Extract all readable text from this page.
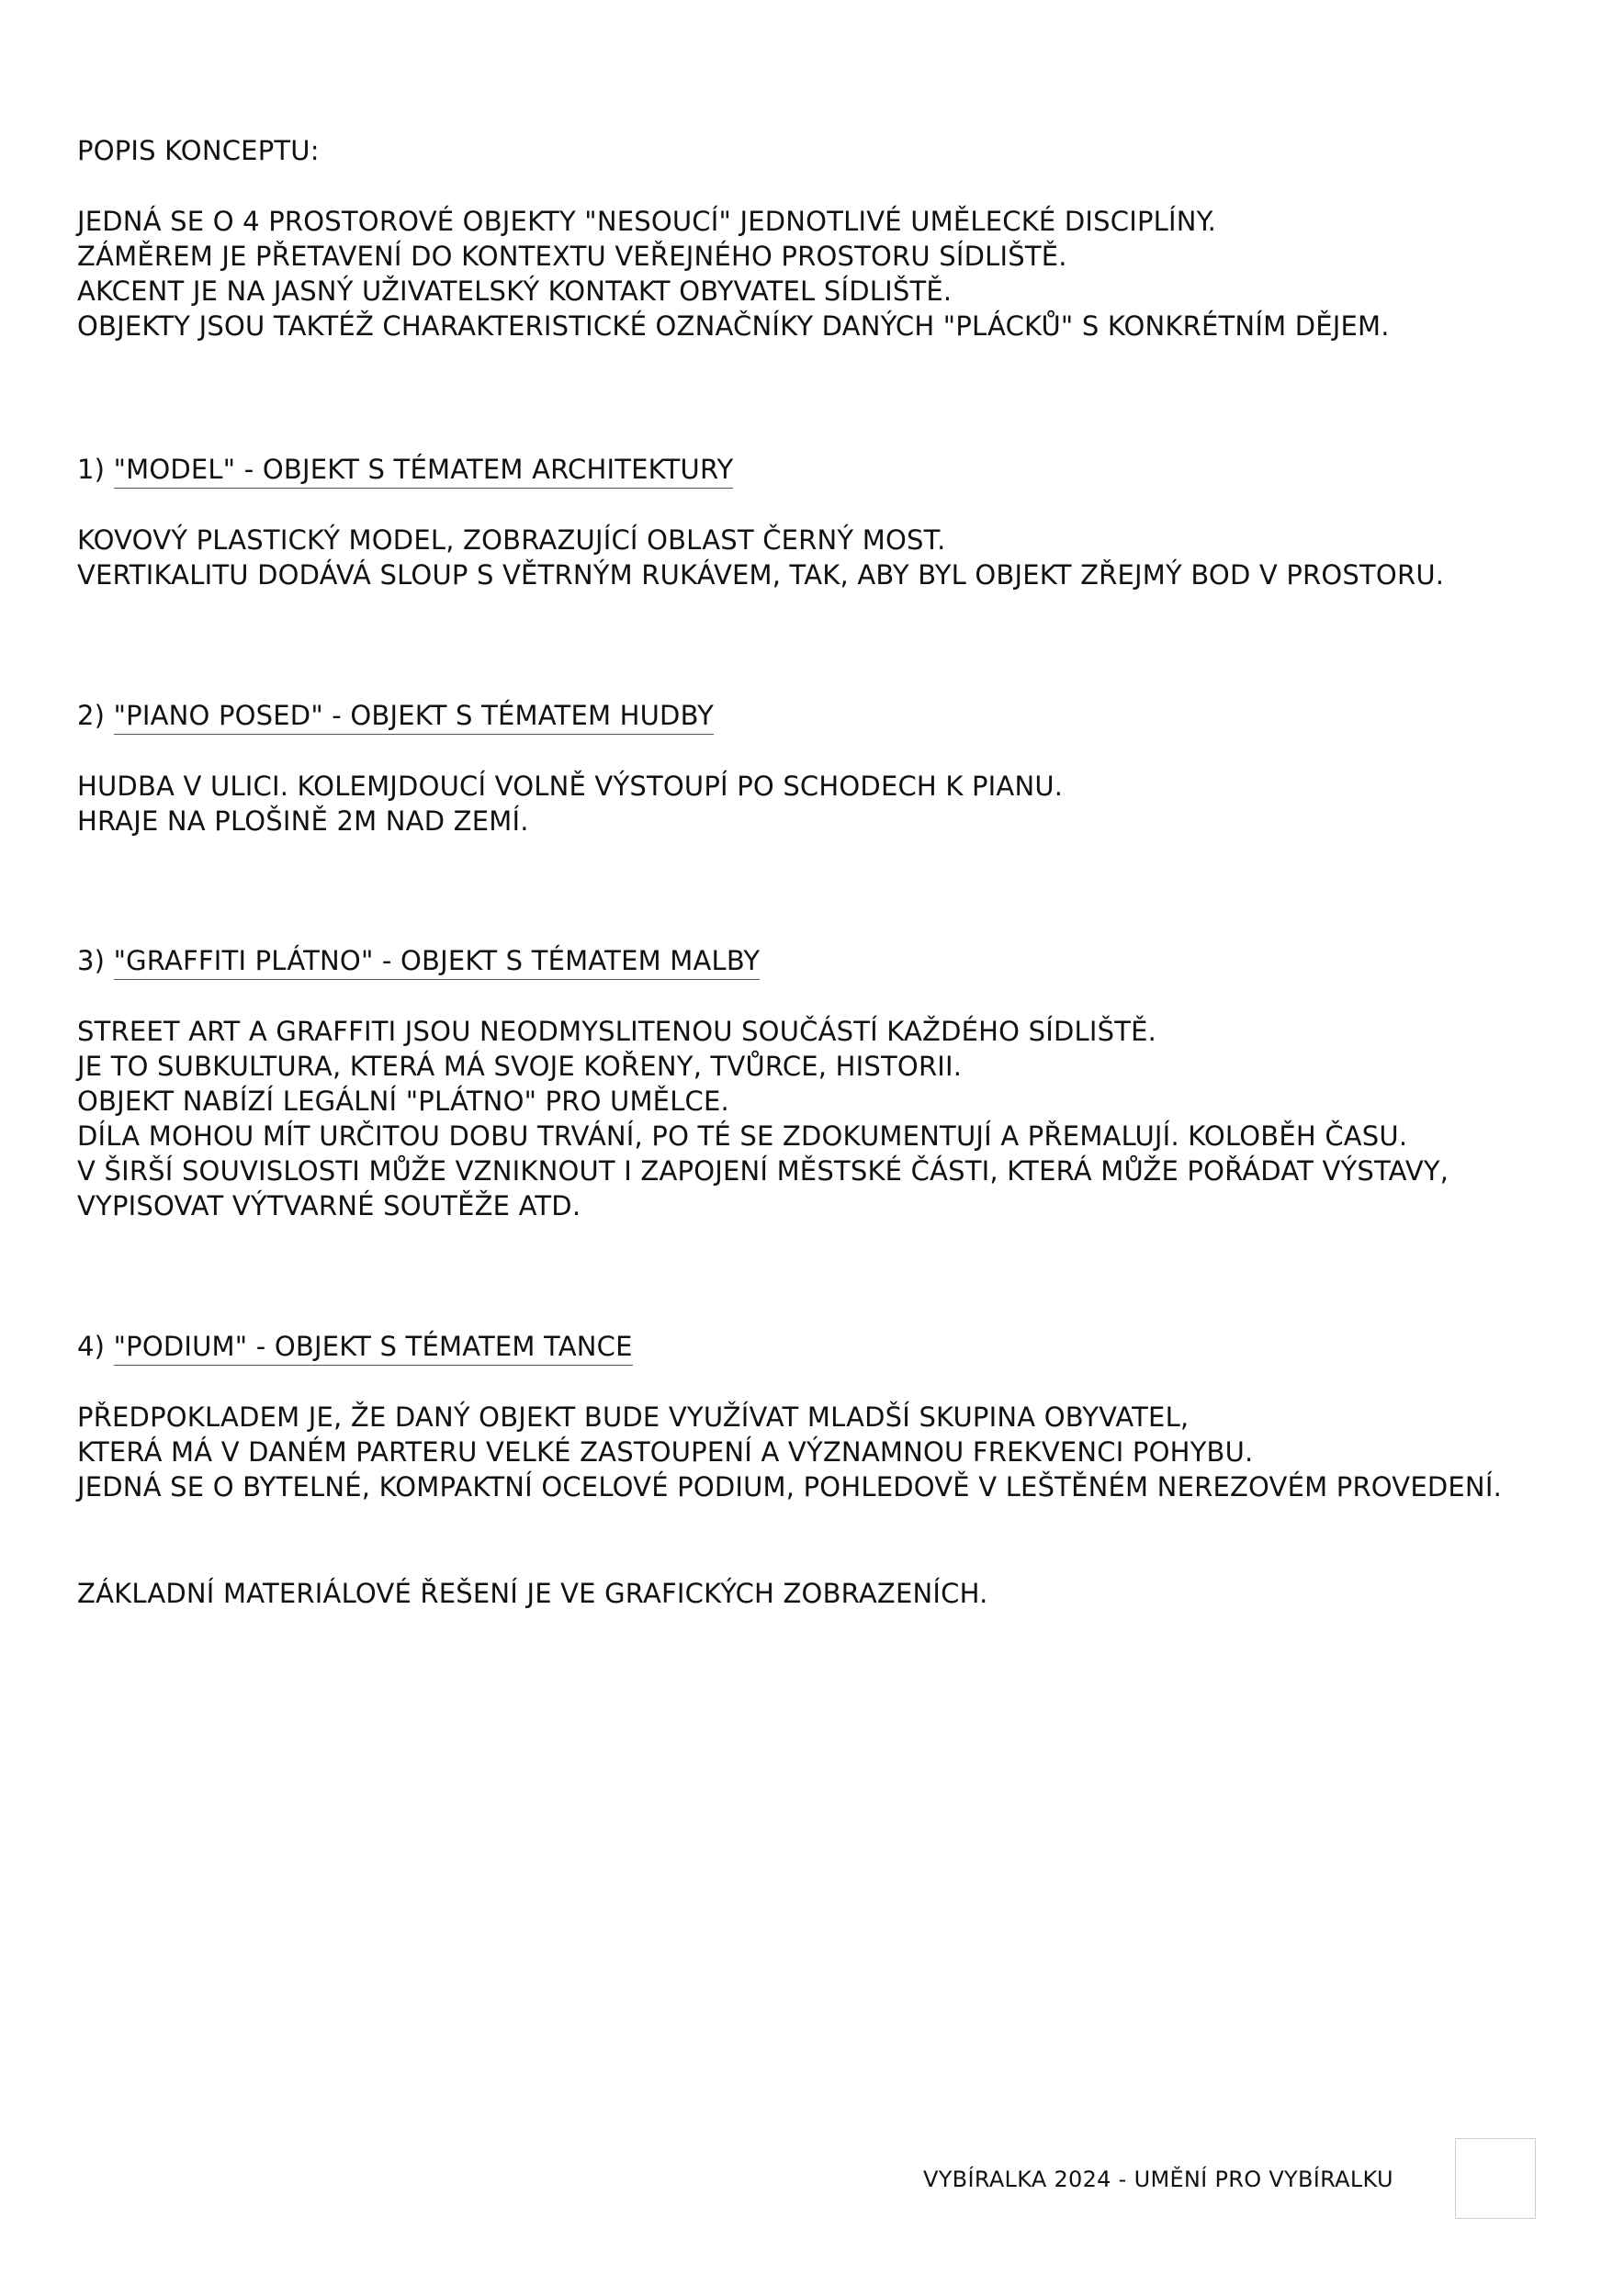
POPIS KONCEPTU:

JEDNÁ SE O 4 PROSTOROVÉ OBJEKTY "NESOUCÍ" JEDNOTLIVÉ UMĚLECKÉ DISCIPLÍNY.

ZÁMĚREM JE PŘETAVENÍ DO KONTEXTU VEŘEJNÉHO PROSTORU SÍDLIŠTĚ.

AKCENT JE NA JASNÝ UŽIVATELSKÝ KONTAKT OBYVATEL SÍDLIŠTĚ.

OBJEKTY JSOU TAKTÉŽ CHARAKTERISTICKÉ OZNAČNÍKY DANÝCH "PLÁCKŮ" S KONKRÉTNÍM DĚJEM.

1) "MODEL" - OBJEKT S TÉMATEM ARCHITEKTURY

KOVOVÝ PLASTICKÝ MODEL, ZOBRAZUJÍCÍ OBLAST ČERNÝ MOST.

VERTIKALITU DODÁVÁ SLOUP S VĚTRNÝM RUKÁVEM, TAK, ABY BYL OBJEKT ZŘEJMÝ BOD V PROSTORU.

2) "PIANO POSED" - OBJEKT S TÉMATEM HUDBY

HUDBA V ULICI. KOLEMJDOUCÍ VOLNĚ VÝSTOUPÍ PO SCHODECH K PIANU.

HRAJE NA PLOŠINĚ 2M NAD ZEMÍ.

3) "GRAFFITI PLÁTNO" - OBJEKT S TÉMATEM MALBY

STREET ART A GRAFFITI JSOU NEODMYSLITENOU SOUČÁSTÍ KAŽDÉHO SÍDLIŠTĚ.

JE TO SUBKULTURA, KTERÁ MÁ SVOJE KOŘENY, TVŮRCE, HISTORII.

OBJEKT NABÍZÍ LEGÁLNÍ "PLÁTNO" PRO UMĚLCE.

DÍLA MOHOU MÍT URČITOU DOBU TRVÁNÍ, PO TÉ SE ZDOKUMENTUJÍ A PŘEMALUJÍ. KOLOBĚH ČASU.

V ŠIRŠÍ SOUVISLOSTI MŮŽE VZNIKNOUT I ZAPOJENÍ MĚSTSKÉ ČÁSTI, KTERÁ MŮŽE POŘÁDAT VÝSTAVY,

VYPISOVAT VÝTVARNÉ SOUTĚŽE ATD.

4) "PODIUM" - OBJEKT S TÉMATEM TANCE

PŘEDPOKLADEM JE, ŽE DANÝ OBJEKT BUDE VYUŽÍVAT MLADŠÍ SKUPINA OBYVATEL,

KTERÁ MÁ V DANÉM PARTERU VELKÉ ZASTOUPENÍ A VÝZNAMNOU FREKVENCI POHYBU.

JEDNÁ SE O BYTELNÉ, KOMPAKTNÍ OCELOVÉ PODIUM, POHLEDOVĚ V LEŠTĚNÉM NEREZOVÉM PROVEDENÍ.

ZÁKLADNÍ MATERIÁLOVÉ ŘEŠENÍ JE VE GRAFICKÝCH ZOBRAZENÍCH.

VYBÍRALKA 2024 - UMĚNÍ PRO VYBÍRALKU
